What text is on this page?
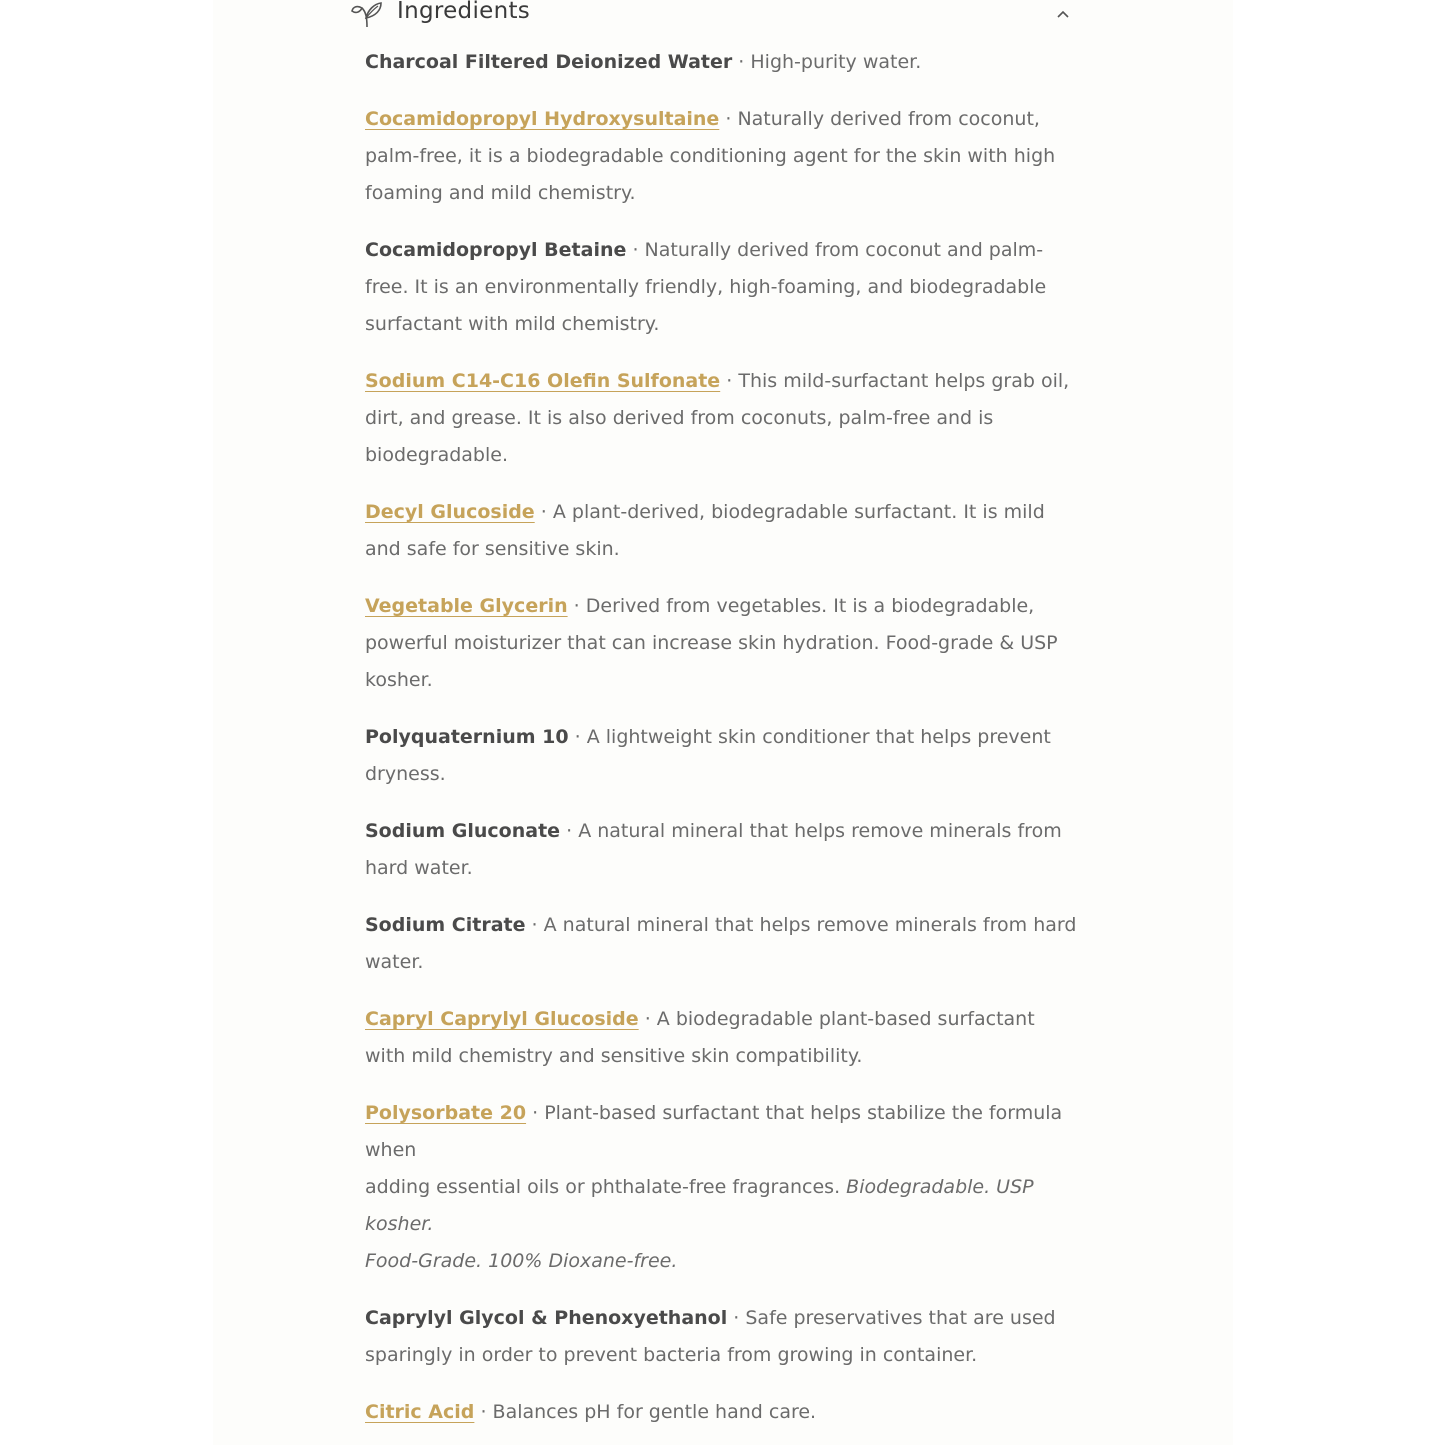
Ingredients
Charcoal Filtered Deionized Water · High-purity water.
Cocamidopropyl Hydroxysultaine · Naturally derived from coconut, palm-free, it is a biodegradable conditioning agent for the skin with high foaming and mild chemistry.
Cocamidopropyl Betaine · Naturally derived from coconut and palm-free. It is an environmentally friendly, high-foaming, and biodegradable surfactant with mild chemistry.
Sodium C14-C16 Olefin Sulfonate · This mild-surfactant helps grab oil, dirt, and grease. It is also derived from coconuts, palm-free and is biodegradable.
Decyl Glucoside · A plant-derived, biodegradable surfactant. It is mild and safe for sensitive skin.
Vegetable Glycerin · Derived from vegetables. It is a biodegradable, powerful moisturizer that can increase skin hydration. Food-grade & USP kosher.
Polyquaternium 10 · A lightweight skin conditioner that helps prevent dryness.
Sodium Gluconate · A natural mineral that helps remove minerals from hard water.
Sodium Citrate · A natural mineral that helps remove minerals from hard water.
Capryl Caprylyl Glucoside · A biodegradable plant-based surfactant with mild chemistry and sensitive skin compatibility.
Polysorbate 20 · Plant-based surfactant that helps stabilize the formula when
adding essential oils or phthalate-free fragrances. Biodegradable. USP kosher.
Food-Grade. 100% Dioxane-free.
Caprylyl Glycol & Phenoxyethanol · Safe preservatives that are used sparingly in order to prevent bacteria from growing in container.
Citric Acid · Balances pH for gentle hand care.
